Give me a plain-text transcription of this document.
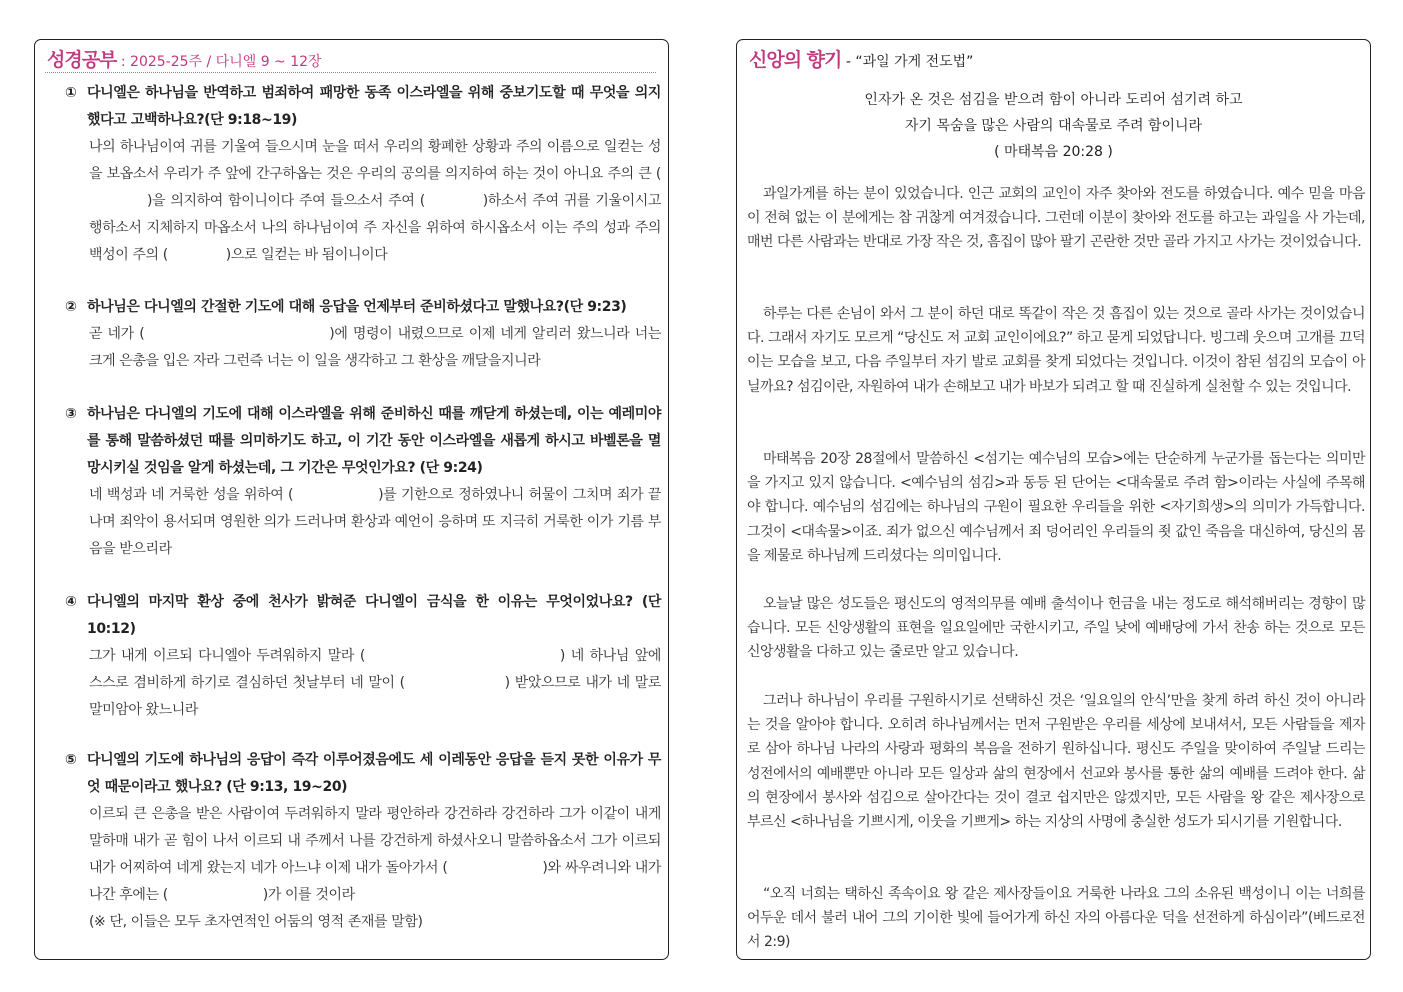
성경공부 : 2025-25주 / 다니엘 9 ~ 12장
① 다니엘은 하나님을 반역하고 범죄하여 패망한 동족 이스라엘을 위해 중보기도할 때 무엇을 의지했다고 고백하나요?(단 9:18~19)
나의 하나님이여 귀를 기울여 들으시며 눈을 떠서 우리의 황폐한 상황과 주의 이름으로 일컫는 성을 보옵소서 우리가 주 앞에 간구하옵는 것은 우리의 공의를 의지하여 하는 것이 아니요 주의 큰 ()을 의지하여 함이니이다 주여 들으소서 주여 (	)하소서 주여 귀를 기울이시고 행하소서 지체하지 마옵소서 나의 하나님이여 주 자신을 위하여 하시옵소서 이는 주의 성과 주의 백성이 주의 (	)으로 일컫는 바 됨이니이다
② 하나님은 다니엘의 간절한 기도에 대해 응답을 언제부터 준비하셨다고 말했나요?(단 9:23)
곧 네가 (	)에 명령이 내렸으므로 이제 네게 알리러 왔느니라 너는 크게 은총을 입은 자라 그런즉 너는 이 일을 생각하고 그 환상을 깨달을지니라
③ 하나님은 다니엘의 기도에 대해 이스라엘을 위해 준비하신 때를 깨닫게 하셨는데, 이는 예레미야를 통해 말씀하셨던 때를 의미하기도 하고, 이 기간 동안 이스라엘을 새롭게 하시고 바벨론을 멸망시키실 것임을 알게 하셨는데, 그 기간은 무엇인가요? (단 9:24)
네 백성과 네 거룩한 성을 위하여 (	)를 기한으로 정하였나니 허물이 그치며 죄가 끝나며 죄악이 용서되며 영원한 의가 드러나며 환상과 예언이 응하며 또 지극히 거룩한 이가 기름 부음을 받으리라
④ 다니엘의 마지막 환상 중에 천사가 밝혀준 다니엘이 금식을 한 이유는 무엇이었나요? (단 10:12)
그가 내게 이르되 다니엘아 두려워하지 말라 (	) 네 하나님 앞에 스스로 겸비하게 하기로 결심하던 첫날부터 네 말이 (	) 받았으므로 내가 네 말로 말미암아 왔느니라
⑤ 다니엘의 기도에 하나님의 응답이 즉각 이루어졌음에도 세 이레동안 응답을 듣지 못한 이유가 무엇 때문이라고 했나요? (단 9:13, 19~20)
이르되 큰 은총을 받은 사람이여 두려워하지 말라 평안하라 강건하라 강건하라 그가 이같이 내게 말하매 내가 곧 힘이 나서 이르되 내 주께서 나를 강건하게 하셨사오니 말씀하옵소서 그가 이르되 내가 어찌하여 네게 왔는지 네가 아느냐 이제 내가 돌아가서 (	)와 싸우려니와 내가 나간 후에는 (	)가 이를 것이라
(※ 단, 이들은 모두 초자연적인 어둠의 영적 존재를 말함)
신앙의 향기 - “과일 가게 전도법”
인자가 온 것은 섬김을 받으려 함이 아니라 도리어 섬기려 하고
자기 목숨을 많은 사람의 대속물로 주려 함이니라
( 마태복음 20:28 )

과일가게를 하는 분이 있었습니다. 인근 교회의 교인이 자주 찾아와 전도를 하였습니다. 예수 믿을 마음이 전혀 없는 이 분에게는 참 귀찮게 여겨졌습니다. 그런데 이분이 찾아와 전도를 하고는 과일을 사 가는데, 매번 다른 사람과는 반대로 가장 작은 것, 흠집이 많아 팔기 곤란한 것만 골라 가지고 사가는 것이었습니다.

하루는 다른 손님이 와서 그 분이 하던 대로 똑같이 작은 것 흠집이 있는 것으로 골라 사가는 것이었습니다. 그래서 자기도 모르게 “당신도 저 교회 교인이에요?” 하고 묻게 되었답니다. 빙그레 웃으며 고개를 끄덕이는 모습을 보고, 다음 주일부터 자기 발로 교회를 찾게 되었다는 것입니다. 이것이 참된 섬김의 모습이 아닐까요? 섬김이란, 자원하여 내가 손해보고 내가 바보가 되려고 할 때 진실하게 실천할 수 있는 것입니다.

마태복음 20장 28절에서 말씀하신 <섬기는 예수님의 모습>에는 단순하게 누군가를 돕는다는 의미만을 가지고 있지 않습니다. <예수님의 섬김>과 동등 된 단어는 <대속물로 주려 함>이라는 사실에 주목해야 합니다. 예수님의 섬김에는 하나님의 구원이 필요한 우리들을 위한 <자기희생>의 의미가 가득합니다. 그것이 <대속물>이죠. 죄가 없으신 예수님께서 죄 덩어리인 우리들의 죗 값인 죽음을 대신하여, 당신의 몸을 제물로 하나님께 드리셨다는 의미입니다.

오늘날 많은 성도들은 평신도의 영적의무를 예배 출석이나 헌금을 내는 정도로 해석해버리는 경향이 많습니다. 모든 신앙생활의 표현을 일요일에만 국한시키고, 주일 낮에 예배당에 가서 찬송 하는 것으로 모든 신앙생활을 다하고 있는 줄로만 알고 있습니다.

그러나 하나님이 우리를 구원하시기로 선택하신 것은 ‘일요일의 안식’만을 찾게 하려 하신 것이 아니라는 것을 알아야 합니다. 오히려 하나님께서는 먼저 구원받은 우리를 세상에 보내셔서, 모든 사람들을 제자로 삼아 하나님 나라의 사랑과 평화의 복음을 전하기 원하십니다. 평신도 주일을 맞이하여 주일날 드리는 성전에서의 예배뿐만 아니라 모든 일상과 삶의 현장에서 선교와 봉사를 통한 삶의 예배를 드려야 한다. 삶의 현장에서 봉사와 섬김으로 살아간다는 것이 결코 쉽지만은 않겠지만, 모든 사람을 왕 같은 제사장으로 부르신 <하나님을 기쁘시게, 이웃을 기쁘게> 하는 지상의 사명에 충실한 성도가 되시기를 기원합니다.

“오직 너희는 택하신 족속이요 왕 같은 제사장들이요 거룩한 나라요 그의 소유된 백성이니 이는 너희를 어두운 데서 불러 내어 그의 기이한 빛에 들어가게 하신 자의 아름다운 덕을 선전하게 하심이라”(베드로전서 2:9)
